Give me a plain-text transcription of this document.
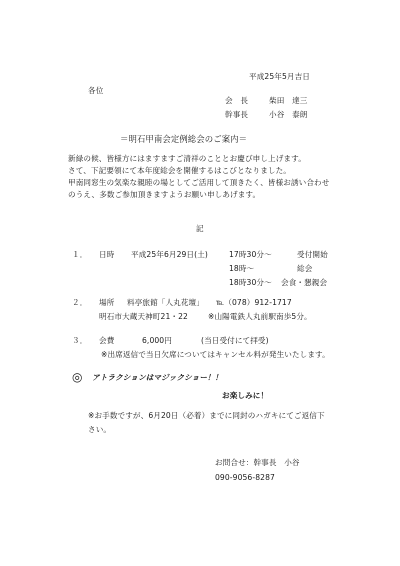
平成25年5月吉日
各位
会　長	柴田　達三
幹事長	小谷　泰朗
＝明石甲南会定例総会のご案内＝
新緑の候、皆様方にはますますご清祥のこととお慶び申し上げます。
さて、下記要領にて本年度総会を開催するはこびとなりました。
甲南同窓生の気楽な親睦の場としてご活用して頂きたく、皆様お誘い合わせ
のうえ、多数ご参加頂きますようお願い申しあげます。
記
１． 日時 平成25年6月29日(土)	17時30分～	受付開始
18時～	総会
18時30分～ 会食・懇親会
２． 場所 料亭旅館「人丸花壇」 ℡（078）912-1717
明石市大蔵天神町21・22	※山陽電鉄人丸前駅南歩5分。
３． 会費	6,000円	(当日受付にて拝受)
※出席返信で当日欠席についてはキャンセル料が発生いたします。
◎ アトラクションはマジックショー！！
お楽しみに！
※お手数ですが、6月20日（必着）までに同封のハガキにてご返信下
さい。
お問合せ：幹事長　小谷
090-9056-8287
